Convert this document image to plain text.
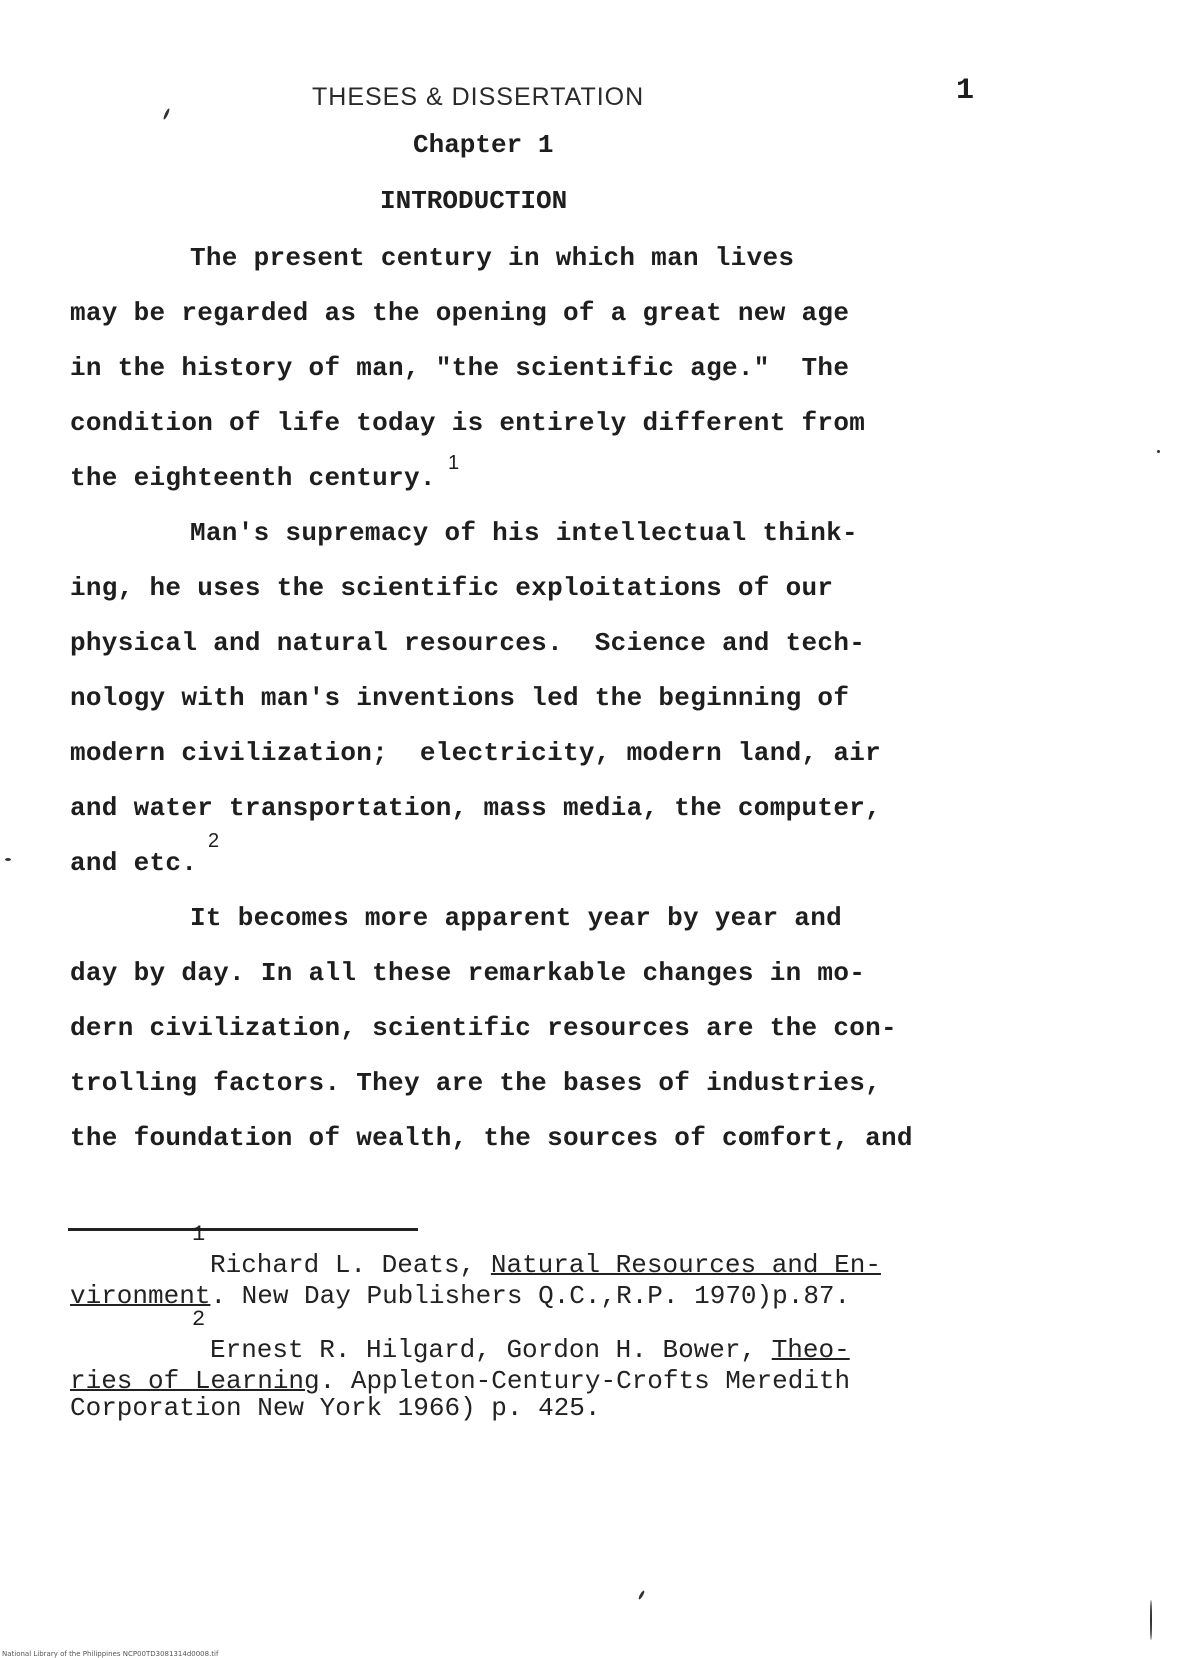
THESES & DISSERTATION	1
Chapter 1
INTRODUCTION
The present century in which man lives
may be regarded as the opening of a great new age
in the history of man, "the scientific age."  The
condition of life today is entirely different from
the eighteenth century. 1
Man's supremacy of his intellectual think-
ing, he uses the scientific exploitations of our
physical and natural resources.  Science and tech-
nology with man's inventions led the beginning of
modern civilization;  electricity, modern land, air
and water transportation, mass media, the computer,
and etc.
2
It becomes more apparent year by year and
day by day. In all these remarkable changes in mo-
dern civilization, scientific resources are the con-
trolling factors. They are the bases of industries,
the foundation of wealth, the sources of comfort, and
1
Richard L. Deats, Natural Resources and En-
vironment. New Day Publishers Q.C.,R.P. 1970)p.87.
2
Ernest R. Hilgard, Gordon H. Bower, Theo-
ries of Learning. Appleton-Century-Crofts Meredith
Corporation New York 1966) p. 425.
National Library of the Philippines NCP00TD3081314d0008.tif
